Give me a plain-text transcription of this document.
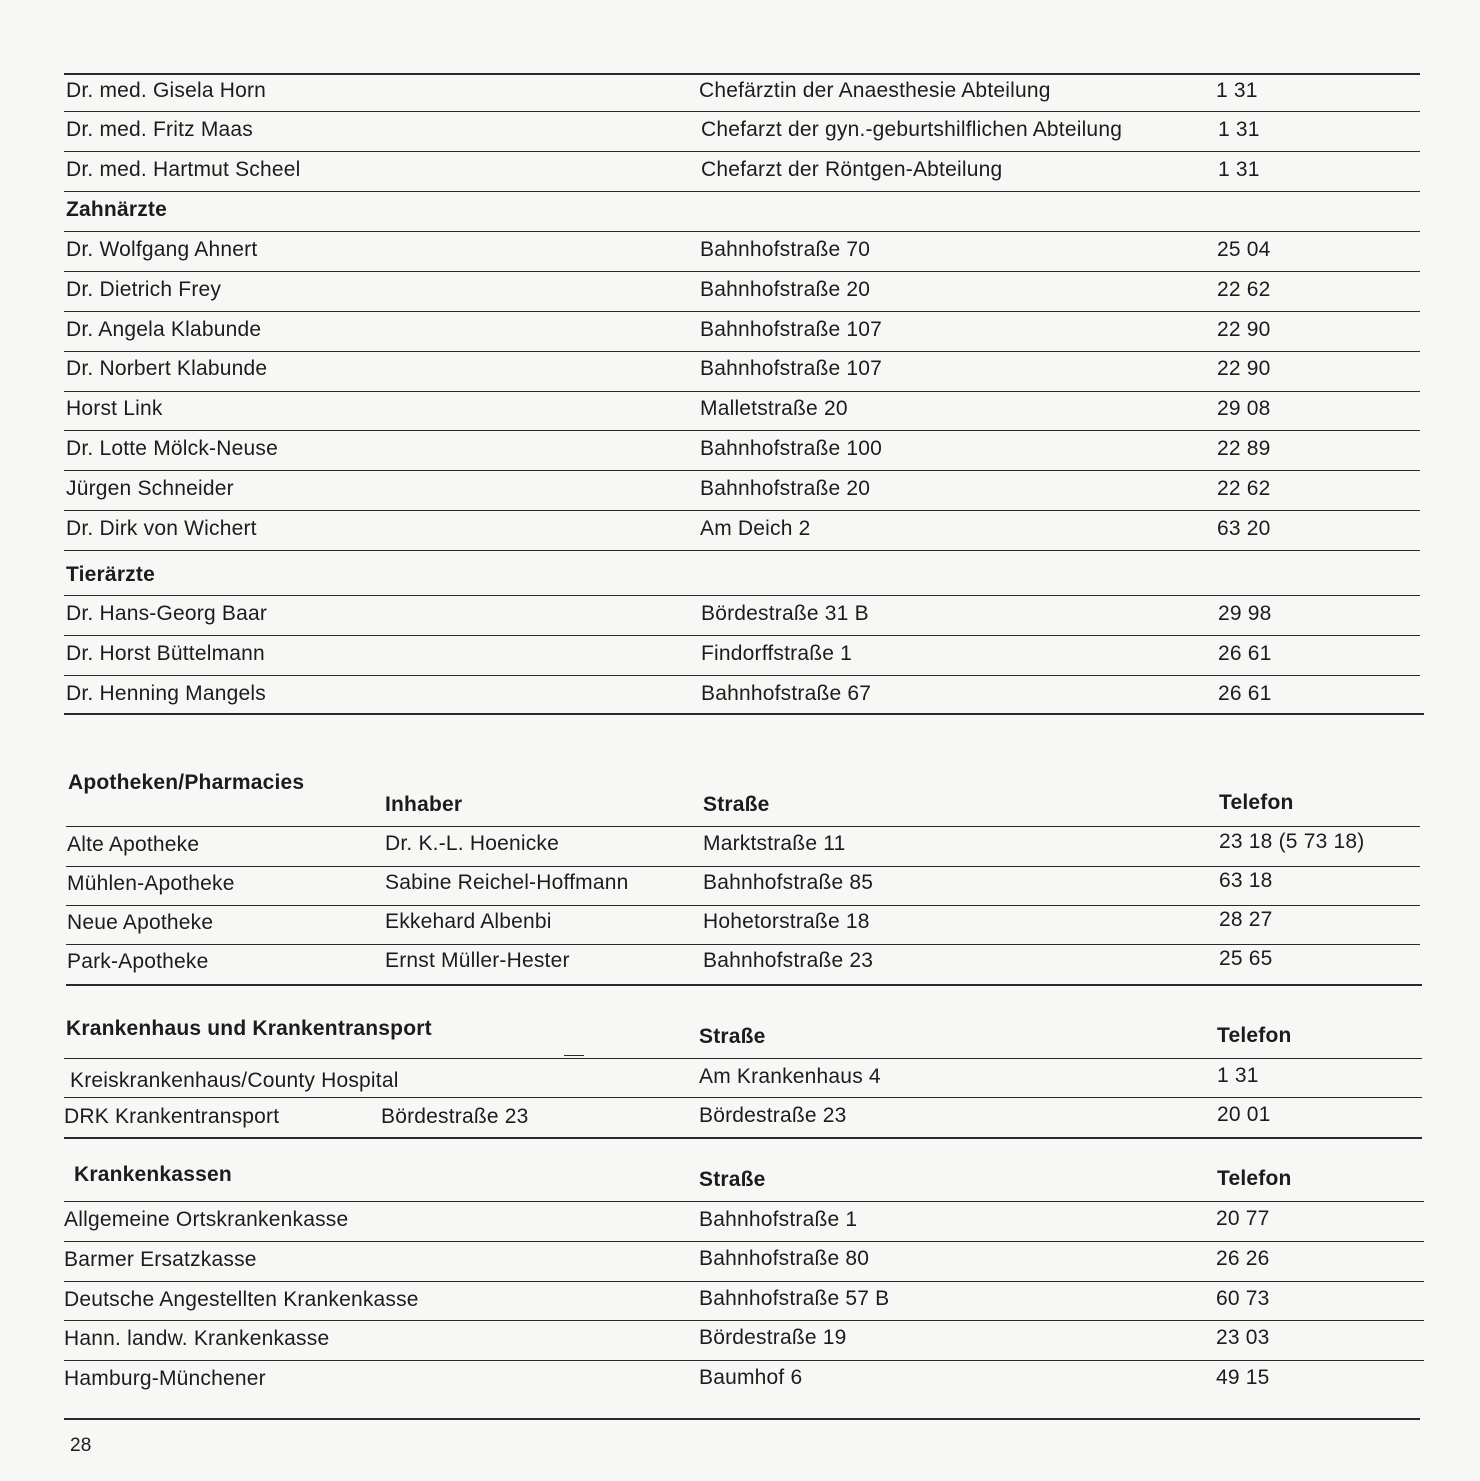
Dr. med. Gisela Horn	Chefärztin der Anaesthesie Abteilung	1 31
Dr. med. Fritz Maas	Chefarzt der gyn.-geburtshilflichen Abteilung	1 31
Dr. med. Hartmut Scheel	Chefarzt der Röntgen-Abteilung	1 31
Zahnärzte
Dr. Wolfgang Ahnert	Bahnhofstraße 70	25 04
Dr. Dietrich Frey	Bahnhofstraße 20	22 62
Dr. Angela Klabunde	Bahnhofstraße 107	22 90
Dr. Norbert Klabunde	Bahnhofstraße 107	22 90
Horst Link	Malletstraße 20	29 08
Dr. Lotte Mölck-Neuse	Bahnhofstraße 100	22 89
Jürgen Schneider	Bahnhofstraße 20	22 62
Dr. Dirk von Wichert	Am Deich 2	63 20
Tierärzte
Dr. Hans-Georg Baar	Bördestraße 31 B	29 98
Dr. Horst Büttelmann	Findorffstraße 1	26 61
Dr. Henning Mangels	Bahnhofstraße 67	26 61
Apotheken/Pharmacies
Inhaber	Straße	Telefon
Alte Apotheke	Dr. K.-L. Hoenicke	Marktstraße 11	23 18 (5 73 18)
Mühlen-Apotheke	Sabine Reichel-Hoffmann	Bahnhofstraße 85	63 18
Neue Apotheke	Ekkehard Albenbi	Hohetorstraße 18	28 27
Park-Apotheke	Ernst Müller-Hester	Bahnhofstraße 23	25 65
Krankenhaus und Krankentransport	Straße	Telefon
Kreiskrankenhaus/County Hospital	Am Krankenhaus 4	1 31
DRK Krankentransport	Bördestraße 23	Bördestraße 23	20 01
Krankenkassen	Straße	Telefon
Allgemeine Ortskrankenkasse	Bahnhofstraße 1	20 77
Barmer Ersatzkasse	Bahnhofstraße 80	26 26
Deutsche Angestellten Krankenkasse	Bahnhofstraße 57 B	60 73
Hann. landw. Krankenkasse	Bördestraße 19	23 03
Hamburg-Münchener	Baumhof 6	49 15
28
